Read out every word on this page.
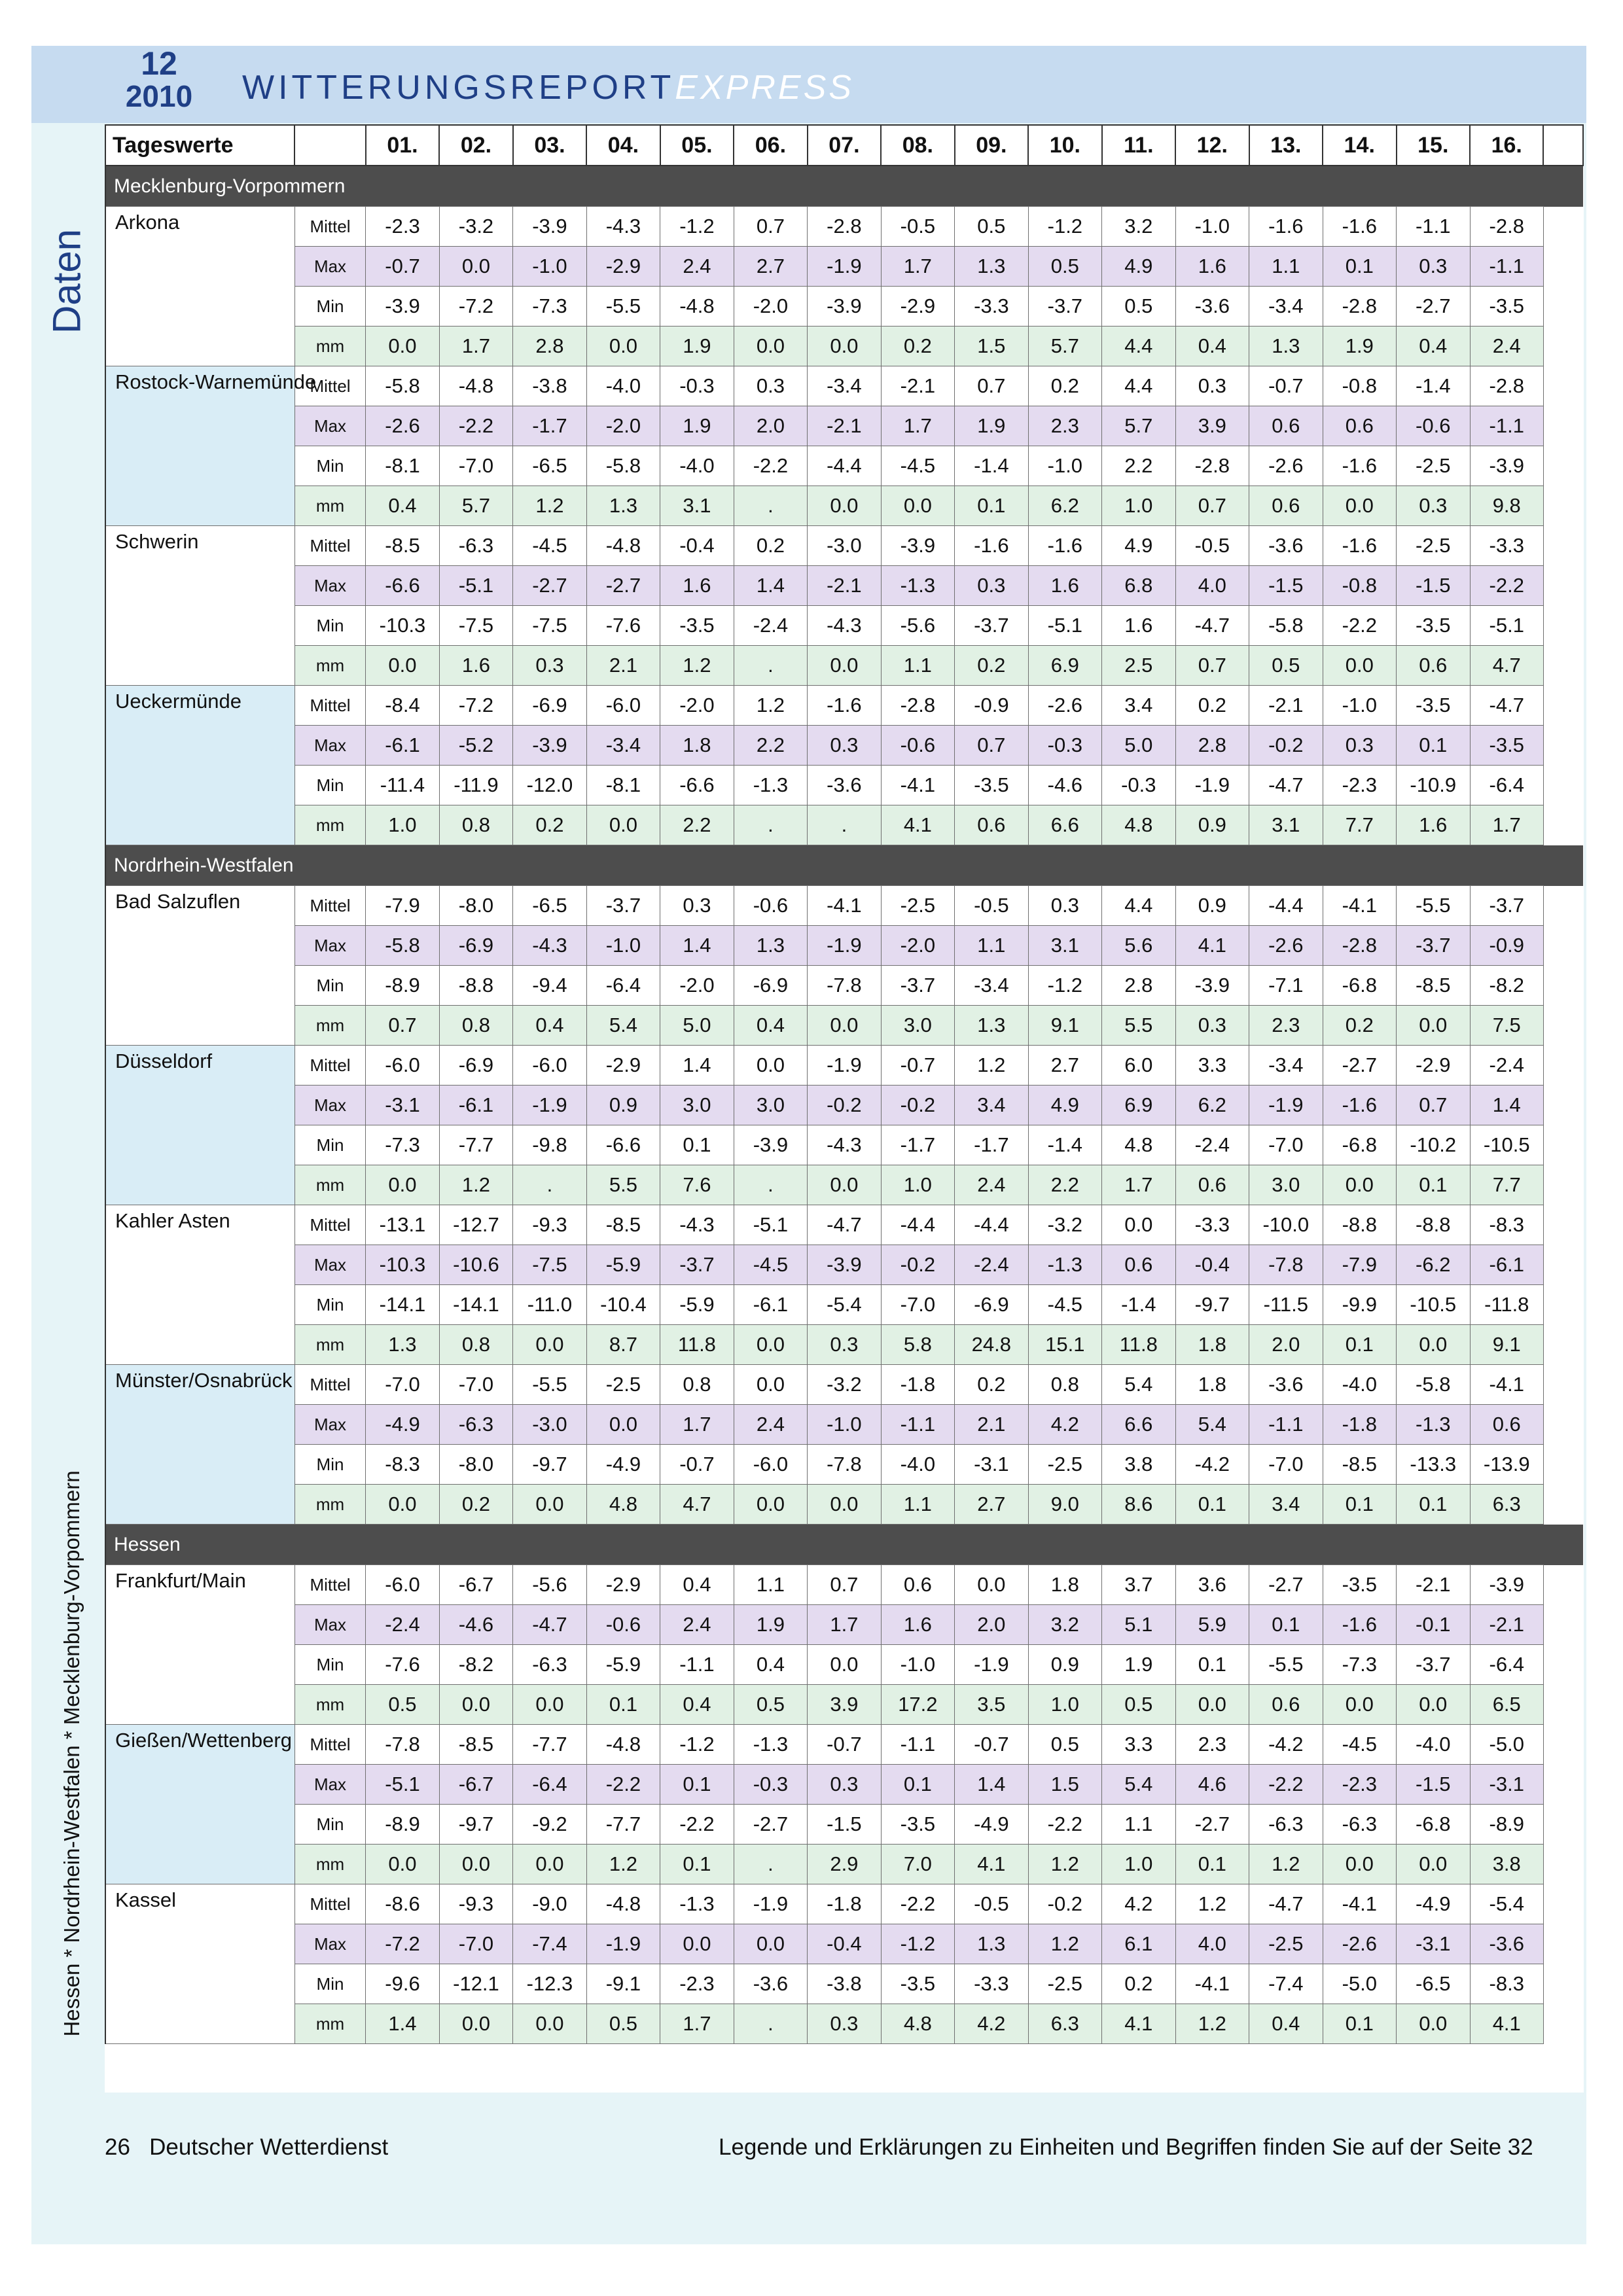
12
2010 WITTERUNGSREPORTEXPRESS
Daten
Hessen * Nordrhein-Westfalen * Mecklenburg-Vorpommern
Tageswerte		01.	02.	03.	04.	05.	06.	07.	08.	09.	10.	11.	12.	13.	14.	15.	16.	
Mecklenburg-Vorpommern																		
Arkona	Mittel	-2.3	-3.2	-3.9	-4.3	-1.2	0.7	-2.8	-0.5	0.5	-1.2	3.2	-1.0	-1.6	-1.6	-1.1	-2.8	
	Max	-0.7	0.0	-1.0	-2.9	2.4	2.7	-1.9	1.7	1.3	0.5	4.9	1.6	1.1	0.1	0.3	-1.1	
	Min	-3.9	-7.2	-7.3	-5.5	-4.8	-2.0	-3.9	-2.9	-3.3	-3.7	0.5	-3.6	-3.4	-2.8	-2.7	-3.5	
	mm	0.0	1.7	2.8	0.0	1.9	0.0	0.0	0.2	1.5	5.7	4.4	0.4	1.3	1.9	0.4	2.4	
Rostock-Warnemünde	Mittel	-5.8	-4.8	-3.8	-4.0	-0.3	0.3	-3.4	-2.1	0.7	0.2	4.4	0.3	-0.7	-0.8	-1.4	-2.8	
	Max	-2.6	-2.2	-1.7	-2.0	1.9	2.0	-2.1	1.7	1.9	2.3	5.7	3.9	0.6	0.6	-0.6	-1.1	
	Min	-8.1	-7.0	-6.5	-5.8	-4.0	-2.2	-4.4	-4.5	-1.4	-1.0	2.2	-2.8	-2.6	-1.6	-2.5	-3.9	
	mm	0.4	5.7	1.2	1.3	3.1	.	0.0	0.0	0.1	6.2	1.0	0.7	0.6	0.0	0.3	9.8	
Schwerin	Mittel	-8.5	-6.3	-4.5	-4.8	-0.4	0.2	-3.0	-3.9	-1.6	-1.6	4.9	-0.5	-3.6	-1.6	-2.5	-3.3	
	Max	-6.6	-5.1	-2.7	-2.7	1.6	1.4	-2.1	-1.3	0.3	1.6	6.8	4.0	-1.5	-0.8	-1.5	-2.2	
	Min	-10.3	-7.5	-7.5	-7.6	-3.5	-2.4	-4.3	-5.6	-3.7	-5.1	1.6	-4.7	-5.8	-2.2	-3.5	-5.1	
	mm	0.0	1.6	0.3	2.1	1.2	.	0.0	1.1	0.2	6.9	2.5	0.7	0.5	0.0	0.6	4.7	
Ueckermünde	Mittel	-8.4	-7.2	-6.9	-6.0	-2.0	1.2	-1.6	-2.8	-0.9	-2.6	3.4	0.2	-2.1	-1.0	-3.5	-4.7	
	Max	-6.1	-5.2	-3.9	-3.4	1.8	2.2	0.3	-0.6	0.7	-0.3	5.0	2.8	-0.2	0.3	0.1	-3.5	
	Min	-11.4	-11.9	-12.0	-8.1	-6.6	-1.3	-3.6	-4.1	-3.5	-4.6	-0.3	-1.9	-4.7	-2.3	-10.9	-6.4	
	mm	1.0	0.8	0.2	0.0	2.2	.	.	4.1	0.6	6.6	4.8	0.9	3.1	7.7	1.6	1.7	
Nordrhein-Westfalen																		
Bad Salzuflen	Mittel	-7.9	-8.0	-6.5	-3.7	0.3	-0.6	-4.1	-2.5	-0.5	0.3	4.4	0.9	-4.4	-4.1	-5.5	-3.7	
	Max	-5.8	-6.9	-4.3	-1.0	1.4	1.3	-1.9	-2.0	1.1	3.1	5.6	4.1	-2.6	-2.8	-3.7	-0.9	
	Min	-8.9	-8.8	-9.4	-6.4	-2.0	-6.9	-7.8	-3.7	-3.4	-1.2	2.8	-3.9	-7.1	-6.8	-8.5	-8.2	
	mm	0.7	0.8	0.4	5.4	5.0	0.4	0.0	3.0	1.3	9.1	5.5	0.3	2.3	0.2	0.0	7.5	
Düsseldorf	Mittel	-6.0	-6.9	-6.0	-2.9	1.4	0.0	-1.9	-0.7	1.2	2.7	6.0	3.3	-3.4	-2.7	-2.9	-2.4	
	Max	-3.1	-6.1	-1.9	0.9	3.0	3.0	-0.2	-0.2	3.4	4.9	6.9	6.2	-1.9	-1.6	0.7	1.4	
	Min	-7.3	-7.7	-9.8	-6.6	0.1	-3.9	-4.3	-1.7	-1.7	-1.4	4.8	-2.4	-7.0	-6.8	-10.2	-10.5	
	mm	0.0	1.2	.	5.5	7.6	.	0.0	1.0	2.4	2.2	1.7	0.6	3.0	0.0	0.1	7.7	
Kahler Asten	Mittel	-13.1	-12.7	-9.3	-8.5	-4.3	-5.1	-4.7	-4.4	-4.4	-3.2	0.0	-3.3	-10.0	-8.8	-8.8	-8.3	
	Max	-10.3	-10.6	-7.5	-5.9	-3.7	-4.5	-3.9	-0.2	-2.4	-1.3	0.6	-0.4	-7.8	-7.9	-6.2	-6.1	
	Min	-14.1	-14.1	-11.0	-10.4	-5.9	-6.1	-5.4	-7.0	-6.9	-4.5	-1.4	-9.7	-11.5	-9.9	-10.5	-11.8	
	mm	1.3	0.8	0.0	8.7	11.8	0.0	0.3	5.8	24.8	15.1	11.8	1.8	2.0	0.1	0.0	9.1	
Münster/Osnabrück	Mittel	-7.0	-7.0	-5.5	-2.5	0.8	0.0	-3.2	-1.8	0.2	0.8	5.4	1.8	-3.6	-4.0	-5.8	-4.1	
	Max	-4.9	-6.3	-3.0	0.0	1.7	2.4	-1.0	-1.1	2.1	4.2	6.6	5.4	-1.1	-1.8	-1.3	0.6	
	Min	-8.3	-8.0	-9.7	-4.9	-0.7	-6.0	-7.8	-4.0	-3.1	-2.5	3.8	-4.2	-7.0	-8.5	-13.3	-13.9	
	mm	0.0	0.2	0.0	4.8	4.7	0.0	0.0	1.1	2.7	9.0	8.6	0.1	3.4	0.1	0.1	6.3	
Hessen																		
Frankfurt/Main	Mittel	-6.0	-6.7	-5.6	-2.9	0.4	1.1	0.7	0.6	0.0	1.8	3.7	3.6	-2.7	-3.5	-2.1	-3.9	
	Max	-2.4	-4.6	-4.7	-0.6	2.4	1.9	1.7	1.6	2.0	3.2	5.1	5.9	0.1	-1.6	-0.1	-2.1	
	Min	-7.6	-8.2	-6.3	-5.9	-1.1	0.4	0.0	-1.0	-1.9	0.9	1.9	0.1	-5.5	-7.3	-3.7	-6.4	
	mm	0.5	0.0	0.0	0.1	0.4	0.5	3.9	17.2	3.5	1.0	0.5	0.0	0.6	0.0	0.0	6.5	
Gießen/Wettenberg	Mittel	-7.8	-8.5	-7.7	-4.8	-1.2	-1.3	-0.7	-1.1	-0.7	0.5	3.3	2.3	-4.2	-4.5	-4.0	-5.0	
	Max	-5.1	-6.7	-6.4	-2.2	0.1	-0.3	0.3	0.1	1.4	1.5	5.4	4.6	-2.2	-2.3	-1.5	-3.1	
	Min	-8.9	-9.7	-9.2	-7.7	-2.2	-2.7	-1.5	-3.5	-4.9	-2.2	1.1	-2.7	-6.3	-6.3	-6.8	-8.9	
	mm	0.0	0.0	0.0	1.2	0.1	.	2.9	7.0	4.1	1.2	1.0	0.1	1.2	0.0	0.0	3.8	
Kassel	Mittel	-8.6	-9.3	-9.0	-4.8	-1.3	-1.9	-1.8	-2.2	-0.5	-0.2	4.2	1.2	-4.7	-4.1	-4.9	-5.4	
	Max	-7.2	-7.0	-7.4	-1.9	0.0	0.0	-0.4	-1.2	1.3	1.2	6.1	4.0	-2.5	-2.6	-3.1	-3.6	
	Min	-9.6	-12.1	-12.3	-9.1	-2.3	-3.6	-3.8	-3.5	-3.3	-2.5	0.2	-4.1	-7.4	-5.0	-6.5	-8.3	
	mm	1.4	0.0	0.0	0.5	1.7	.	0.3	4.8	4.2	6.3	4.1	1.2	0.4	0.1	0.0	4.1	
26 Deutscher Wetterdienst	Legende und Erklärungen zu Einheiten und Begriffen finden Sie auf der Seite 32
